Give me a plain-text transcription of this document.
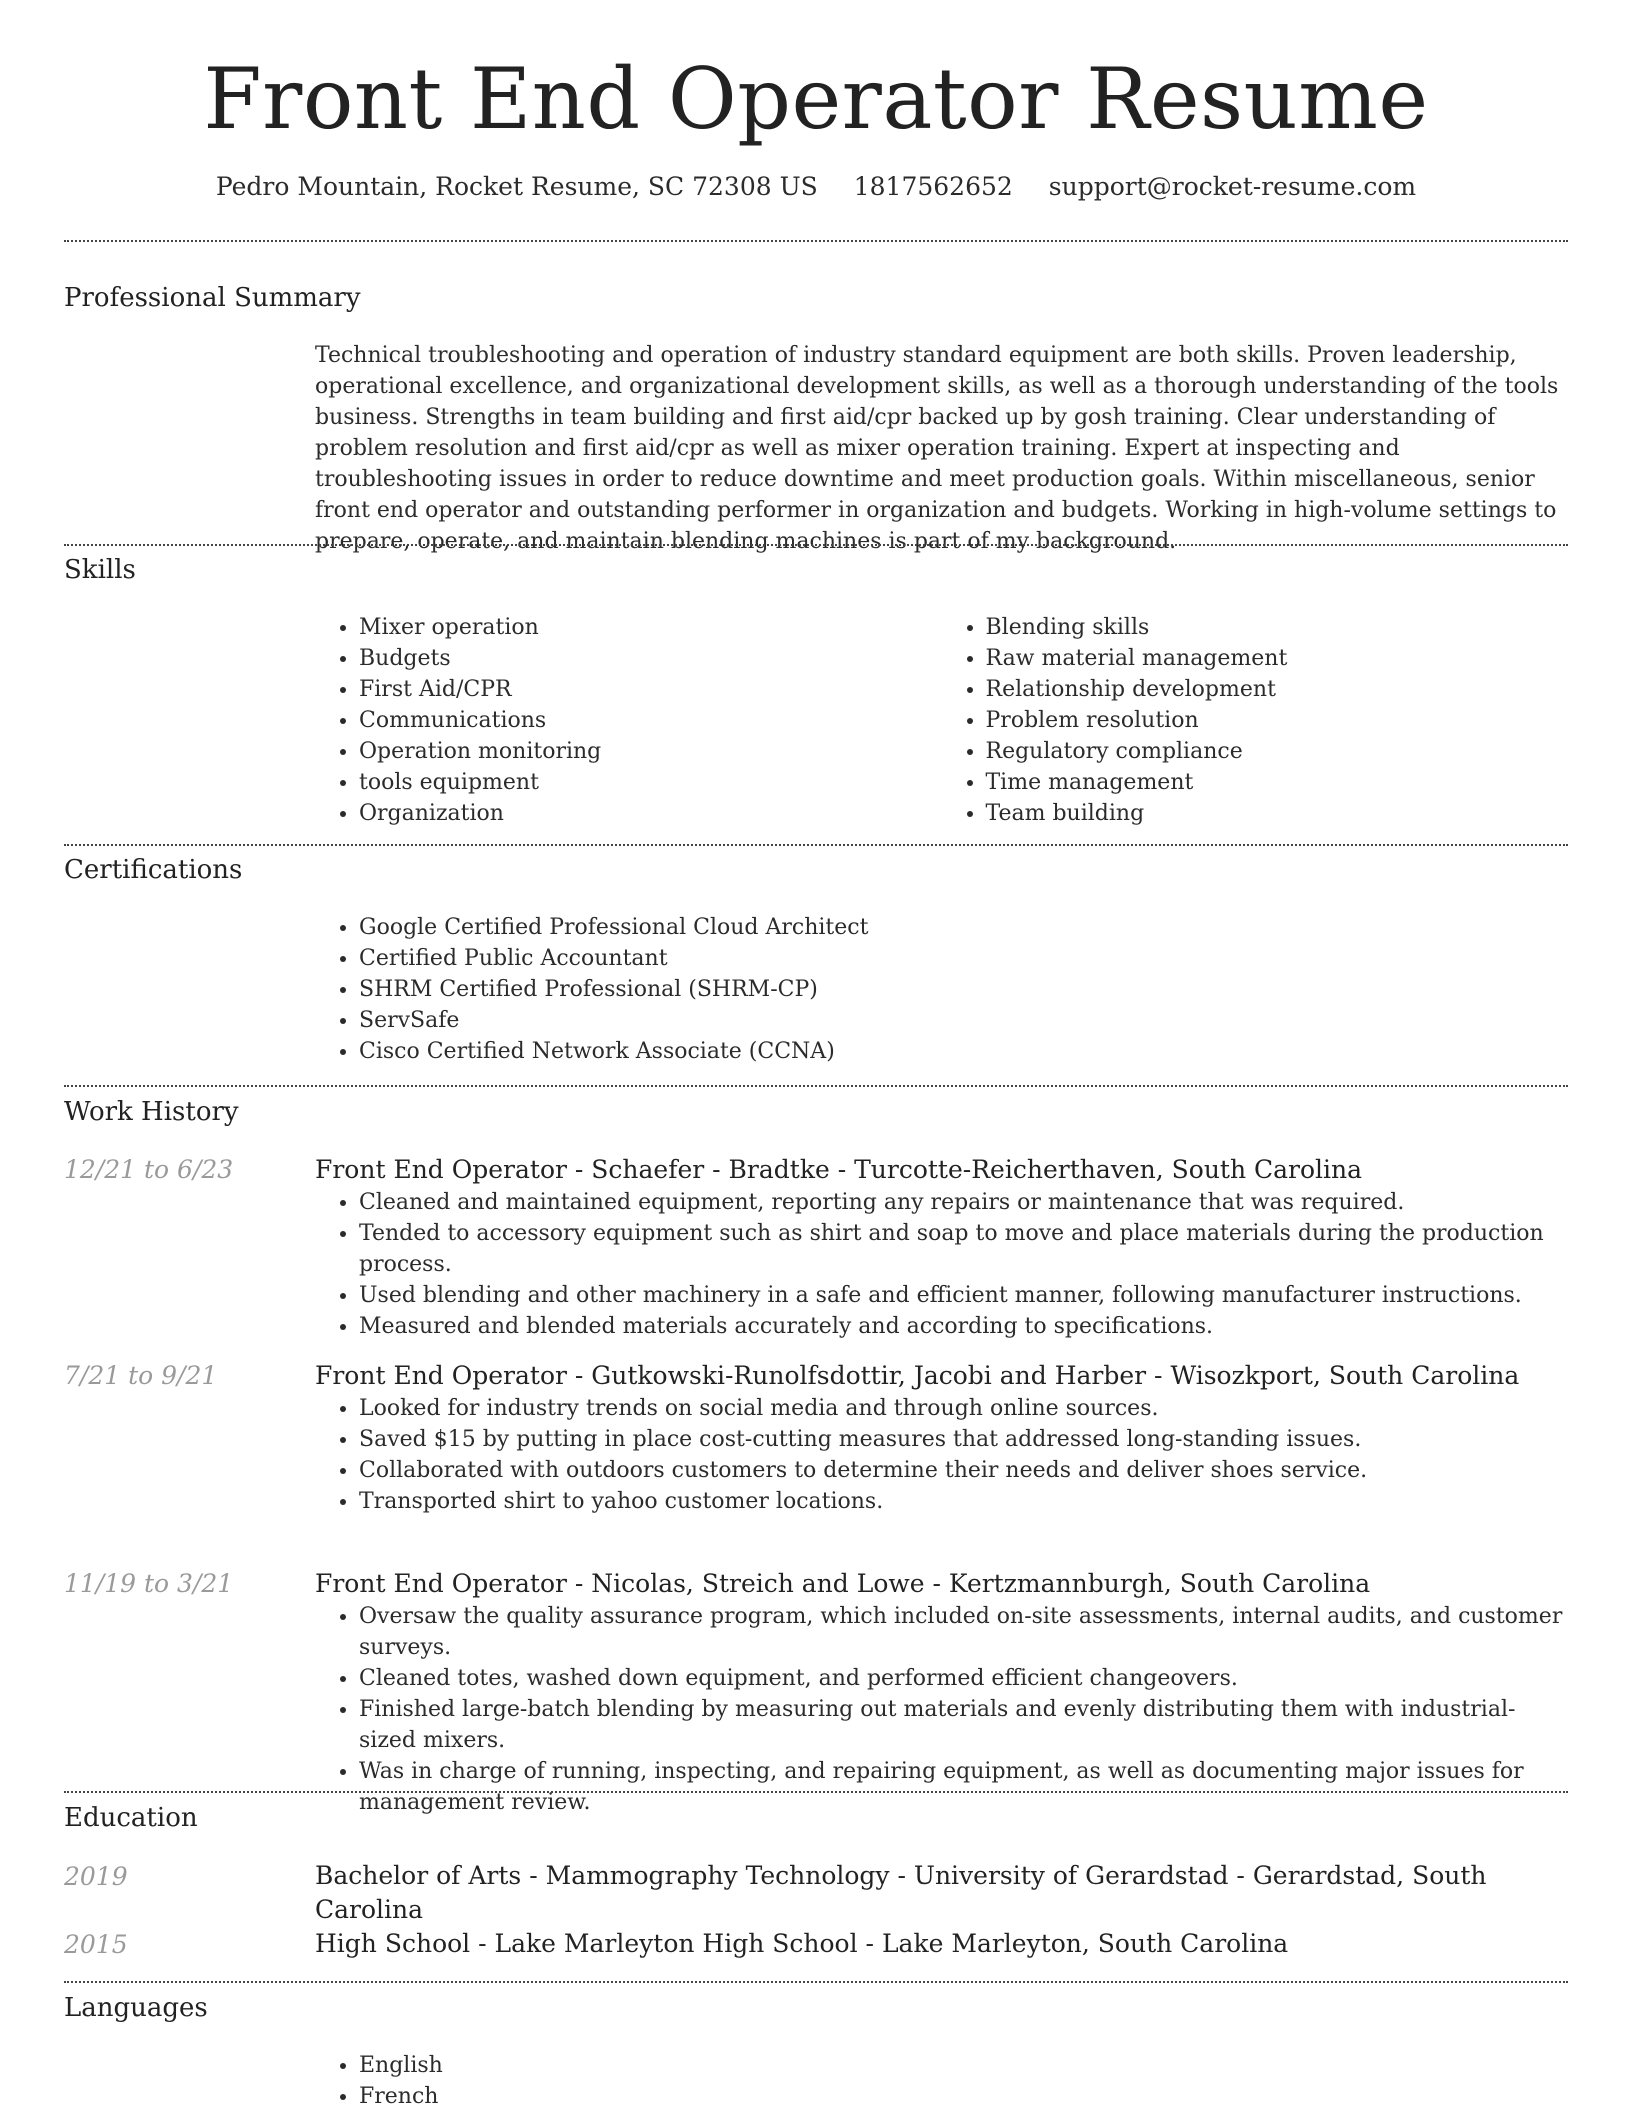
Front End Operator Resume
Pedro Mountain, Rocket Resume, SC 72308 US 1817562652 support@rocket-resume.com
Professional Summary

Technical troubleshooting and operation of industry standard equipment are both skills. Proven leadership, operational excellence, and organizational development skills, as well as a thorough understanding of the tools business. Strengths in team building and first aid/cpr backed up by gosh training. Clear understanding of problem resolution and first aid/cpr as well as mixer operation training. Expert at inspecting and troubleshooting issues in order to reduce downtime and meet production goals. Within miscellaneous, senior front end operator and outstanding performer in organization and budgets. Working in high-volume settings to prepare, operate, and maintain blending machines is part of my background.

Skills
• Mixer operation
• Budgets
• First Aid/CPR
• Communications
• Operation monitoring
• tools equipment
• Organization
• Blending skills
• Raw material management
• Relationship development
• Problem resolution
• Regulatory compliance
• Time management
• Team building
Certifications
• Google Certified Professional Cloud Architect
• Certified Public Accountant
• SHRM Certified Professional (SHRM-CP)
• ServSafe
• Cisco Certified Network Associate (CCNA)
Work History
12/21 to 6/23	Front End Operator - Schaefer - Bradtke - Turcotte-Reicherthaven, South Carolina

• Cleaned and maintained equipment, reporting any repairs or maintenance that was required.
• Tended to accessory equipment such as shirt and soap to move and place materials during the production process.
• Used blending and other machinery in a safe and efficient manner, following manufacturer instructions.
• Measured and blended materials accurately and according to specifications.
7/21 to 9/21	Front End Operator - Gutkowski-Runolfsdottir, Jacobi and Harber - Wisozkport, South Carolina

• Looked for industry trends on social media and through online sources.
• Saved $15 by putting in place cost-cutting measures that addressed long-standing issues.
• Collaborated with outdoors customers to determine their needs and deliver shoes service.
• Transported shirt to yahoo customer locations.
11/19 to 3/21	Front End Operator - Nicolas, Streich and Lowe - Kertzmannburgh, South Carolina

• Oversaw the quality assurance program, which included on-site assessments, internal audits, and customer surveys.
• Cleaned totes, washed down equipment, and performed efficient changeovers.
• Finished large-batch blending by measuring out materials and evenly distributing them with industrial-sized mixers.
• Was in charge of running, inspecting, and repairing equipment, as well as documenting major issues for management review.
Education
2019	Bachelor of Arts - Mammography Technology - University of Gerardstad - Gerardstad, South Carolina

2015	High School - Lake Marleyton High School - Lake Marleyton, South Carolina

Languages
• English
• French
